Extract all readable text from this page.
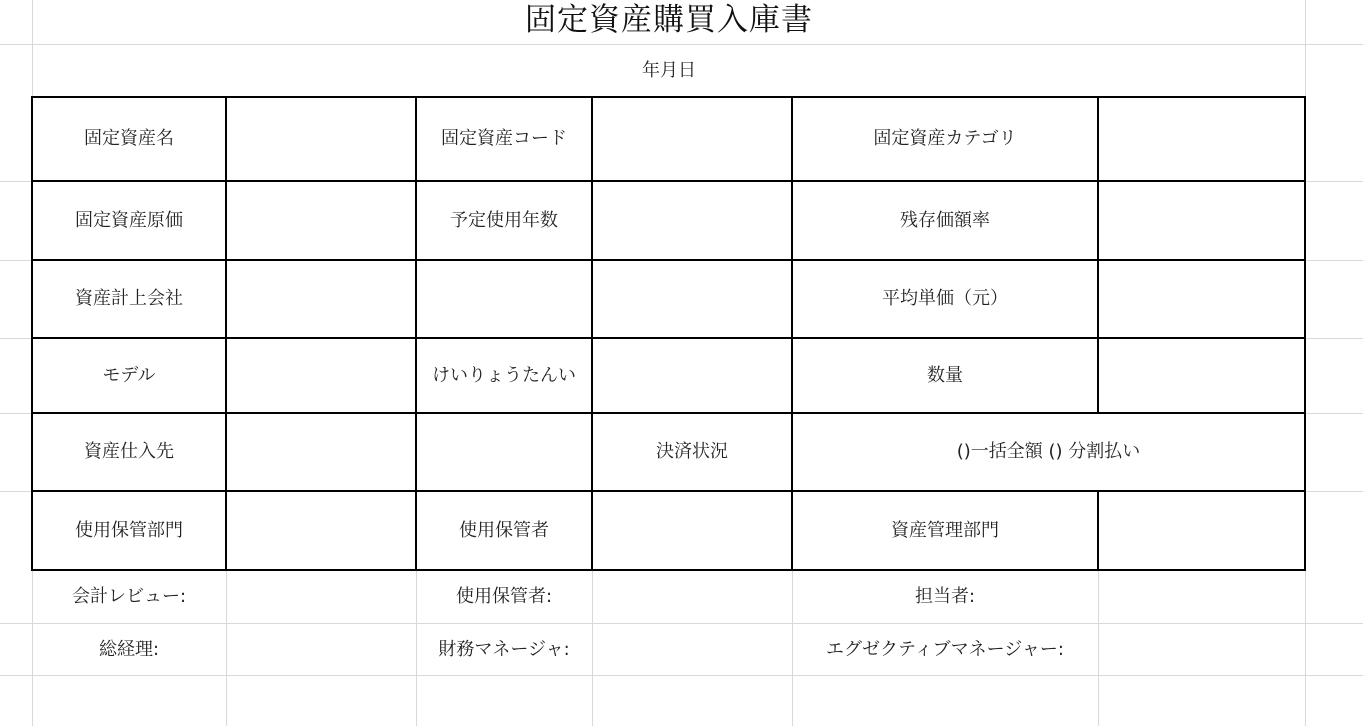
固定資産購買入庫書
年月日
固定資産名	固定資産コード	固定資産カテゴリ
固定資産原価	予定使用年数	残存価額率
資産計上会社	平均単価（元）
モデル	けいりょうたんい	数量
資産仕入先	決済状況	()一括全額 () 分割払い
使用保管部門	使用保管者	資産管理部門
会計レビュー:	使用保管者:	担当者:
総経理:	財務マネージャ:	エグゼクティブマネージャー:
